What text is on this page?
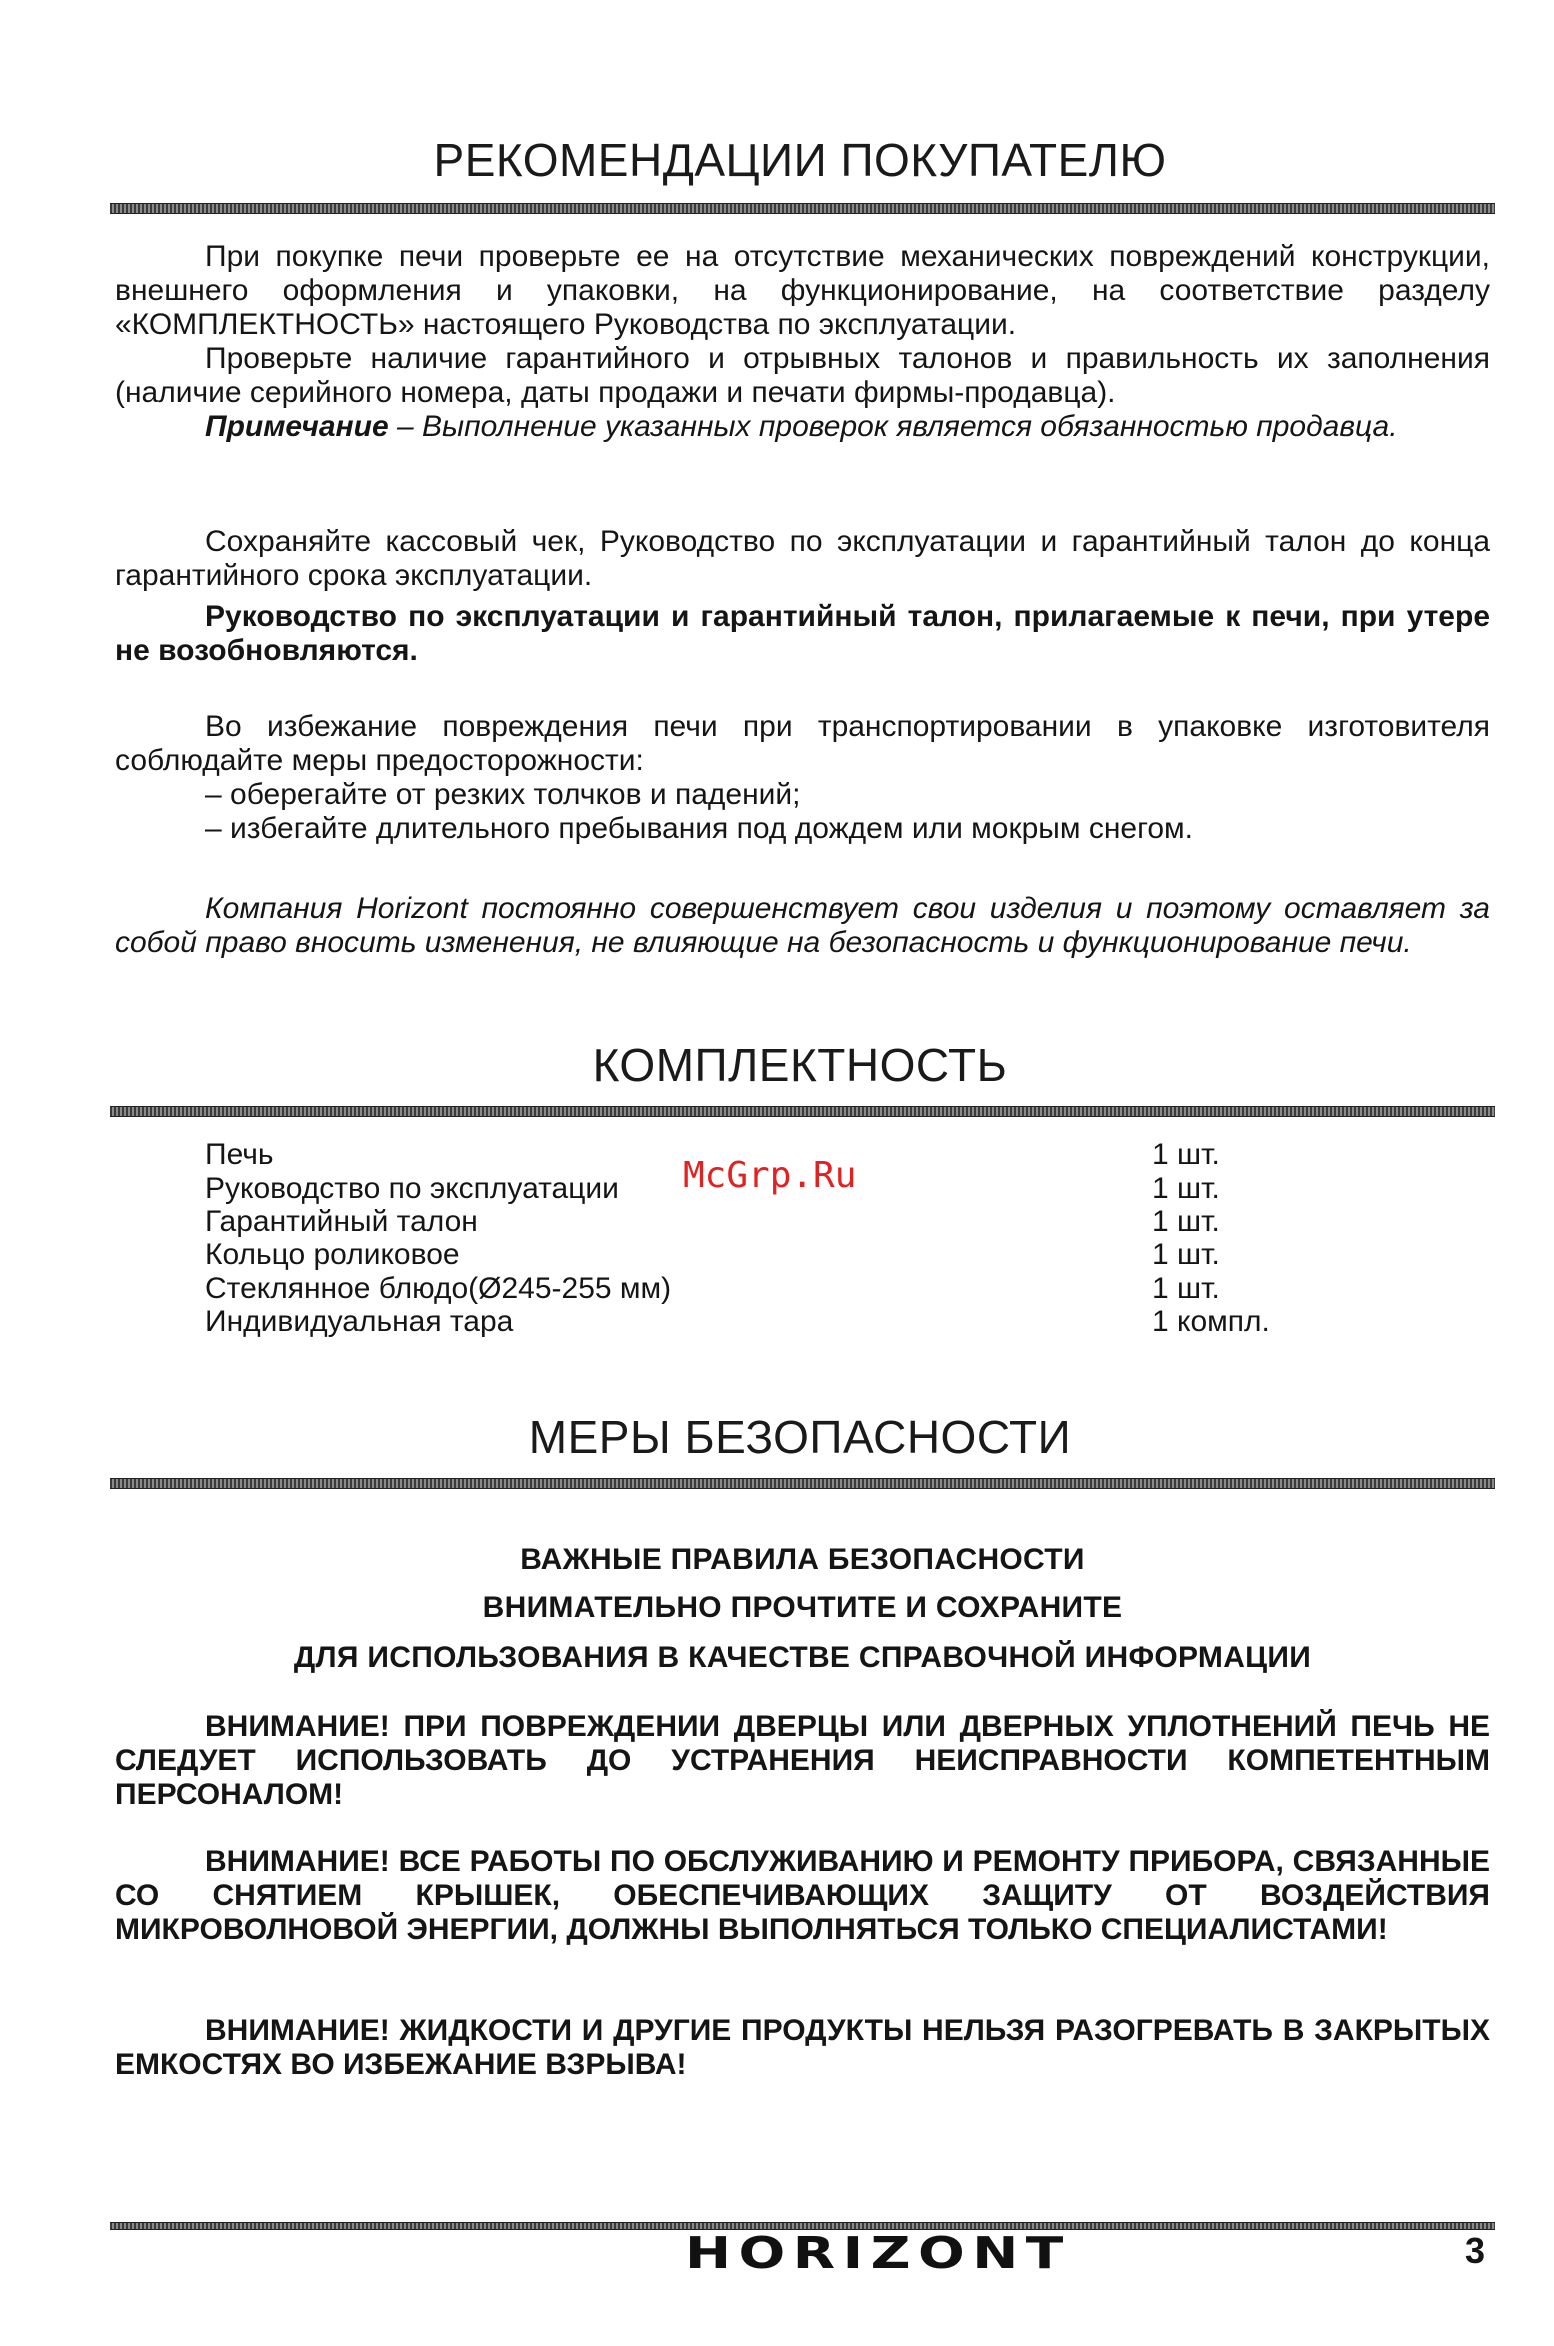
РЕКОМЕНДАЦИИ ПОКУПАТЕЛЮ

При покупке печи проверьте ее на отсутствие механических повреждений конструкции, внешнего оформления и упаковки, на функционирование, на соответствие разделу «КОМПЛЕКТНОСТЬ» настоящего Руководства по эксплуатации.

Проверьте наличие гарантийного и отрывных талонов и правильность их заполнения (наличие серийного номера, даты продажи и печати фирмы-продавца).

Примечание – Выполнение указанных проверок является обязанностью продавца.

Сохраняйте кассовый чек, Руководство по эксплуатации и гарантийный талон до конца гарантийного срока эксплуатации.

Руководство по эксплуатации и гарантийный талон, прилагаемые к печи, при утере не возобновляются.

Во избежание повреждения печи при транспортировании в упаковке изготовителя соблюдайте меры предосторожности:

– оберегайте от резких толчков и падений;
– избегайте длительного пребывания под дождем или мокрым снегом.

Компания Horizont постоянно совершенствует свои изделия и поэтому оставляет за собой право вносить изменения, не влияющие на безопасность и функционирование печи.

КОМПЛЕКТНОСТЬ
Печь	1 шт.
Руководство по эксплуатации	1 шт.
Гарантийный талон	1 шт.
Кольцо роликовое	1 шт.
Стеклянное блюдо(Ø245-255 мм)	1 шт.
Индивидуальная тара	1 компл.
McGrp.Ru
МЕРЫ БЕЗОПАСНОСТИ
ВАЖНЫЕ ПРАВИЛА БЕЗОПАСНОСТИ
ВНИМАТЕЛЬНО ПРОЧТИТЕ И СОХРАНИТЕ
ДЛЯ ИСПОЛЬЗОВАНИЯ В КАЧЕСТВЕ СПРАВОЧНОЙ ИНФОРМАЦИИ

ВНИМАНИЕ! ПРИ ПОВРЕЖДЕНИИ ДВЕРЦЫ ИЛИ ДВЕРНЫХ УПЛОТНЕНИЙ ПЕЧЬ НЕ СЛЕДУЕТ ИСПОЛЬЗОВАТЬ ДО УСТРАНЕНИЯ НЕИСПРАВНОСТИ КОМПЕТЕНТНЫМ ПЕРСОНАЛОМ!

ВНИМАНИЕ! ВСЕ РАБОТЫ ПО ОБСЛУЖИВАНИЮ И РЕМОНТУ ПРИБОРА, СВЯЗАННЫЕ СО СНЯТИЕМ КРЫШЕК, ОБЕСПЕЧИВАЮЩИХ ЗАЩИТУ ОТ ВОЗДЕЙСТВИЯ МИКРОВОЛНОВОЙ ЭНЕРГИИ, ДОЛЖНЫ ВЫПОЛНЯТЬСЯ ТОЛЬКО СПЕЦИАЛИСТАМИ!

ВНИМАНИЕ! ЖИДКОСТИ И ДРУГИЕ ПРОДУКТЫ НЕЛЬЗЯ РАЗОГРЕВАТЬ В ЗАКРЫТЫХ ЕМКОСТЯХ ВО ИЗБЕЖАНИЕ ВЗРЫВА!

HORIZONT	3
